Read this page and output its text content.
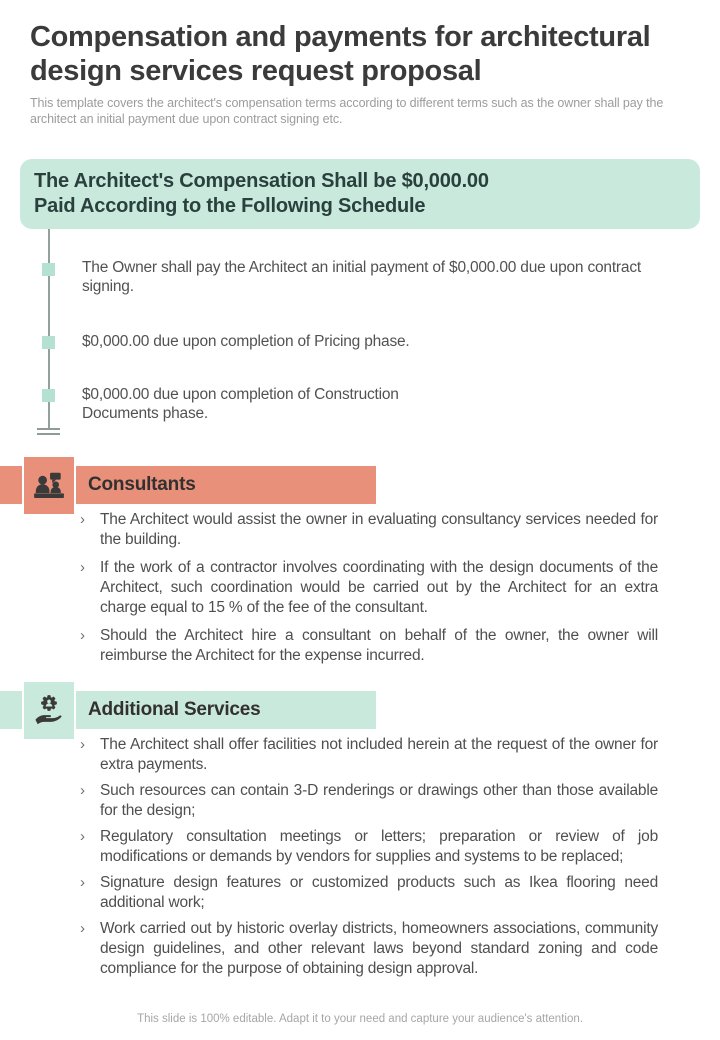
Compensation and payments for architectural design services request proposal
This template covers the architect's compensation terms according to different terms such as the owner shall pay the architect an initial payment due upon contract signing etc.
The Architect's Compensation Shall be $0,000.00
Paid According to the Following Schedule
The Owner shall pay the Architect an initial payment of $0,000.00 due upon contract signing.
$0,000.00 due upon completion of Pricing phase.
$0,000.00 due upon completion of Construction Documents phase.
Consultants
› The Architect would assist the owner in evaluating consultancy services needed for the building.
› If the work of a contractor involves coordinating with the design documents of the Architect, such coordination would be carried out by the Architect for an extra charge equal to 15 % of the fee of the consultant.
› Should the Architect hire a consultant on behalf of the owner, the owner will reimburse the Architect for the expense incurred.
Additional Services
› The Architect shall offer facilities not included herein at the request of the owner for extra payments.
› Such resources can contain 3-D renderings or drawings other than those available for the design;
› Regulatory consultation meetings or letters; preparation or review of job modifications or demands by vendors for supplies and systems to be replaced;
› Signature design features or customized products such as Ikea flooring need additional work;
› Work carried out by historic overlay districts, homeowners associations, community design guidelines, and other relevant laws beyond standard zoning and code compliance for the purpose of obtaining design approval.
This slide is 100% editable. Adapt it to your need and capture your audience's attention.
